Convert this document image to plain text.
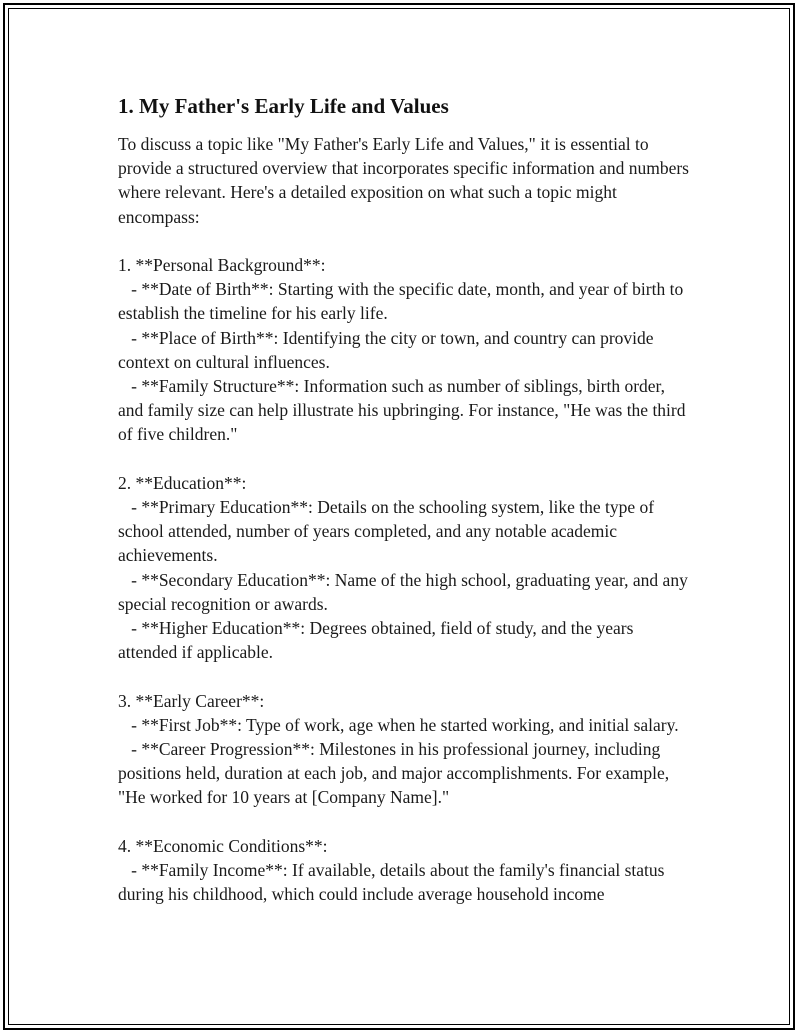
1. My Father's Early Life and Values

To discuss a topic like "My Father's Early Life and Values," it is essential to provide a structured overview that incorporates specific information and numbers where relevant. Here's a detailed exposition on what such a topic might encompass:

1. **Personal Background**:
- **Date of Birth**: Starting with the specific date, month, and year of birth to establish the timeline for his early life.
- **Place of Birth**: Identifying the city or town, and country can provide context on cultural influences.
- **Family Structure**: Information such as number of siblings, birth order, and family size can help illustrate his upbringing. For instance, "He was the third of five children."

2. **Education**:
- **Primary Education**: Details on the schooling system, like the type of school attended, number of years completed, and any notable academic achievements.
- **Secondary Education**: Name of the high school, graduating year, and any special recognition or awards.
- **Higher Education**: Degrees obtained, field of study, and the years attended if applicable.

3. **Early Career**:
- **First Job**: Type of work, age when he started working, and initial salary.
- **Career Progression**: Milestones in his professional journey, including positions held, duration at each job, and major accomplishments. For example, "He worked for 10 years at [Company Name]."

4. **Economic Conditions**:
- **Family Income**: If available, details about the family's financial status during his childhood, which could include average household income
